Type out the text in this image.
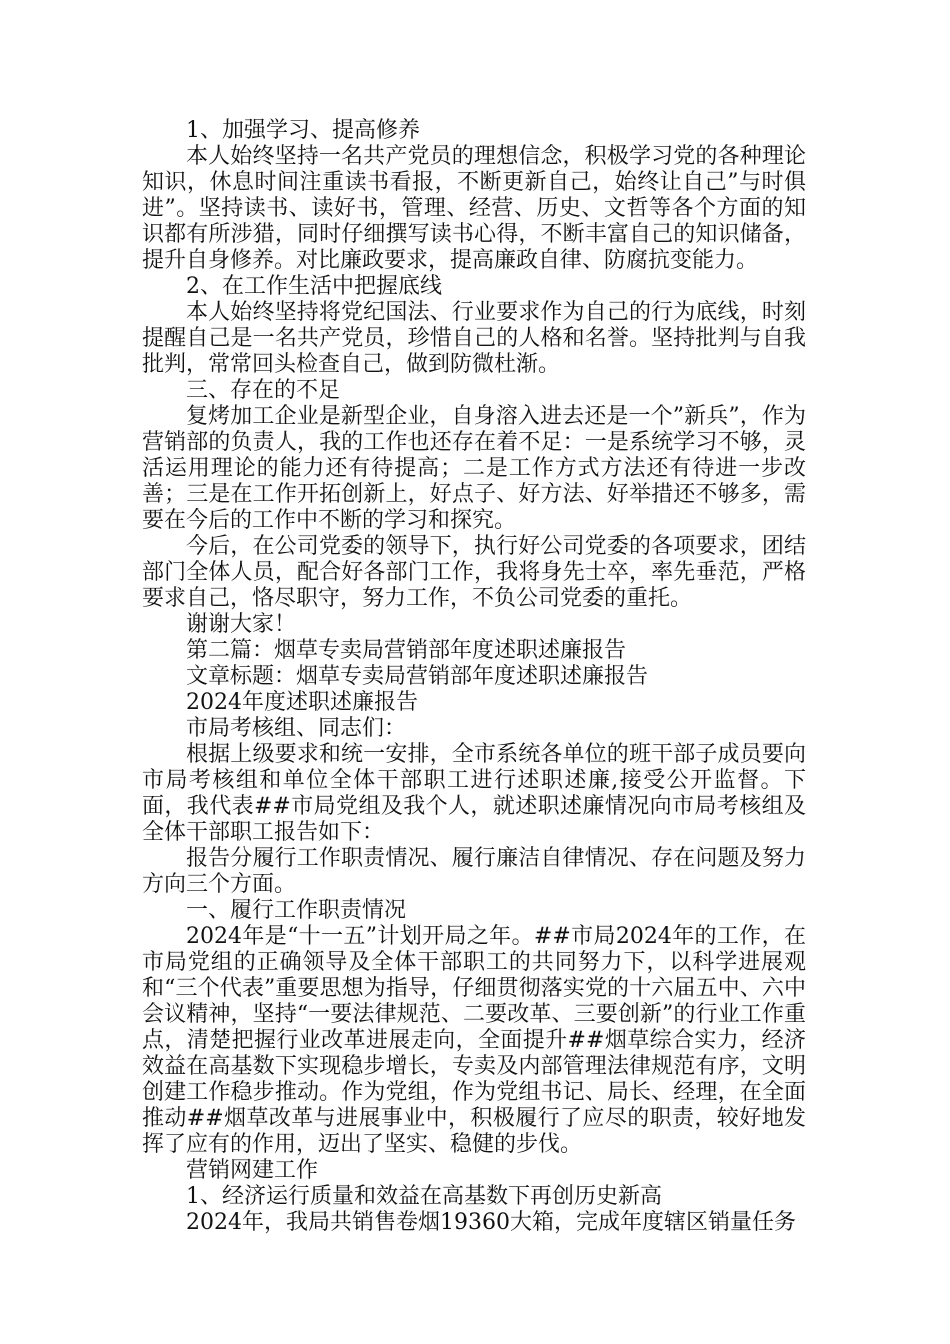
1、加强学习、提高修养

本人始终坚持一名共产党员的理想信念，积极学习党的各种理论知识，休息时间注重读书看报，不断更新自己，始终让自己”与时俱进”。坚持读书、读好书，管理、经营、历史、文哲等各个方面的知识都有所涉猎，同时仔细撰写读书心得，不断丰富自己的知识储备，提升自身修养。对比廉政要求，提高廉政自律、防腐抗变能力。

2、在工作生活中把握底线

本人始终坚持将党纪国法、行业要求作为自己的行为底线，时刻提醒自己是一名共产党员，珍惜自己的人格和名誉。坚持批判与自我批判，常常回头检查自己，做到防微杜渐。

三、存在的不足

复烤加工企业是新型企业，自身溶入进去还是一个”新兵”，作为营销部的负责人，我的工作也还存在着不足：一是系统学习不够，灵活运用理论的能力还有待提高；二是工作方式方法还有待进一步改善；三是在工作开拓创新上，好点子、好方法、好举措还不够多，需要在今后的工作中不断的学习和探究。

今后，在公司党委的领导下，执行好公司党委的各项要求，团结部门全体人员，配合好各部门工作，我将身先士卒，率先垂范，严格要求自己，恪尽职守，努力工作，不负公司党委的重托。

谢谢大家！

第二篇：烟草专卖局营销部年度述职述廉报告

文章标题：烟草专卖局营销部年度述职述廉报告

2024年度述职述廉报告

市局考核组、同志们：

根据上级要求和统一安排，全市系统各单位的班干部子成员要向市局考核组和单位全体干部职工进行述职述廉,接受公开监督。下面，我代表##市局党组及我个人，就述职述廉情况向市局考核组及全体干部职工报告如下：

报告分履行工作职责情况、履行廉洁自律情况、存在问题及努力方向三个方面。

一、履行工作职责情况

2024年是“十一五”计划开局之年。##市局2024年的工作，在市局党组的正确领导及全体干部职工的共同努力下，以科学进展观和“三个代表”重要思想为指导，仔细贯彻落实党的十六届五中、六中会议精神，坚持“一要法律规范、二要改革、三要创新”的行业工作重点，清楚把握行业改革进展走向，全面提升##烟草综合实力，经济效益在高基数下实现稳步增长，专卖及内部管理法律规范有序，文明创建工作稳步推动。作为党组，作为党组书记、局长、经理，在全面推动##烟草改革与进展事业中，积极履行了应尽的职责，较好地发挥了应有的作用，迈出了坚实、稳健的步伐。

营销网建工作

1、经济运行质量和效益在高基数下再创历史新高

2024年，我局共销售卷烟19360大箱，完成年度辖区销量任务
